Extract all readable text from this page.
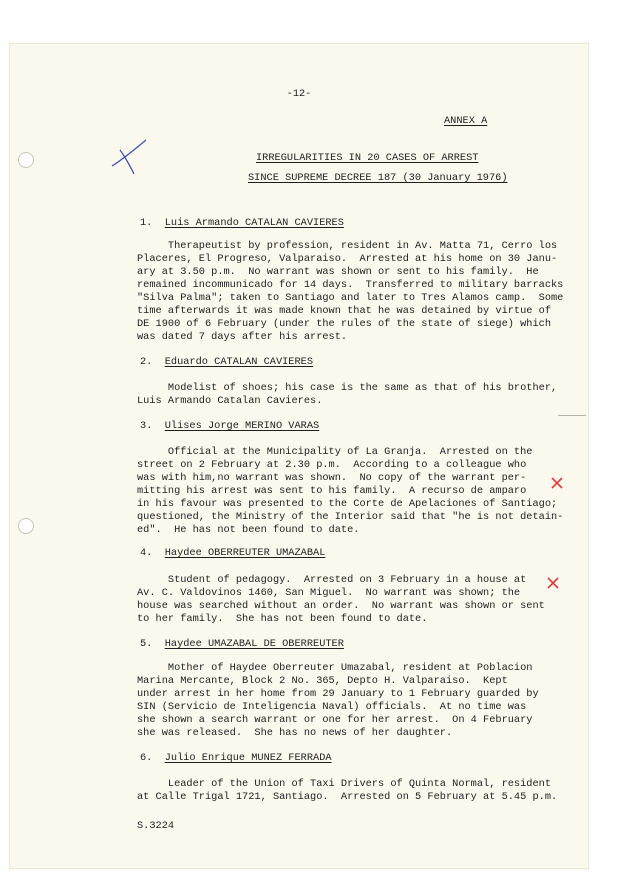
-12-
ANNEX A
IRREGULARITIES IN 20 CASES OF ARREST
SINCE SUPREME DECREE 187 (30 January 1976)
1.  Luis Armando CATALAN CAVIERES
Therapeutist by profession, resident in Av. Matta 71, Cerro los
Placeres, El Progreso, Valparaiso.  Arrested at his home on 30 Janu-
ary at 3.50 p.m.  No warrant was shown or sent to his family.  He
remained incommunicado for 14 days.  Transferred to military barracks
"Silva Palma"; taken to Santiago and later to Tres Alamos camp.  Some
time afterwards it was made known that he was detained by virtue of
DE 1900 of 6 February (under the rules of the state of siege) which
was dated 7 days after his arrest.
2.  Eduardo CATALAN CAVIERES
Modelist of shoes; his case is the same as that of his brother,
Luis Armando Catalan Cavieres.
3.  Ulises Jorge MERINO VARAS
Official at the Municipality of La Granja.  Arrested on the
street on 2 February at 2.30 p.m.  According to a colleague who
was with him,no warrant was shown.  No copy of the warrant per-
mitting his arrest was sent to his family.  A recurso de amparo
in his favour was presented to the Corte de Apelaciones of Santiago;
questioned, the Ministry of the Interior said that "he is not detain-
ed".  He has not been found to date.
4.  Haydee OBERREUTER UMAZABAL
Student of pedagogy.  Arrested on 3 February in a house at
Av. C. Valdovinos 1460, San Miguel.  No warrant was shown; the
house was searched without an order.  No warrant was shown or sent
to her family.  She has not been found to date.
5.  Haydee UMAZABAL DE OBERREUTER
Mother of Haydee Oberreuter Umazabal, resident at Poblacion
Marina Mercante, Block 2 No. 365, Depto H. Valparaiso.  Kept
under arrest in her home from 29 January to 1 February guarded by
SIN (Servicio de Inteligencia Naval) officials.  At no time was
she shown a search warrant or one for her arrest.  On 4 February
she was released.  She has no news of her daughter.
6.  Julio Enrique MUNEZ FERRADA
Leader of the Union of Taxi Drivers of Quinta Normal, resident
at Calle Trigal 1721, Santiago.  Arrested on 5 February at 5.45 p.m.
S.3224
